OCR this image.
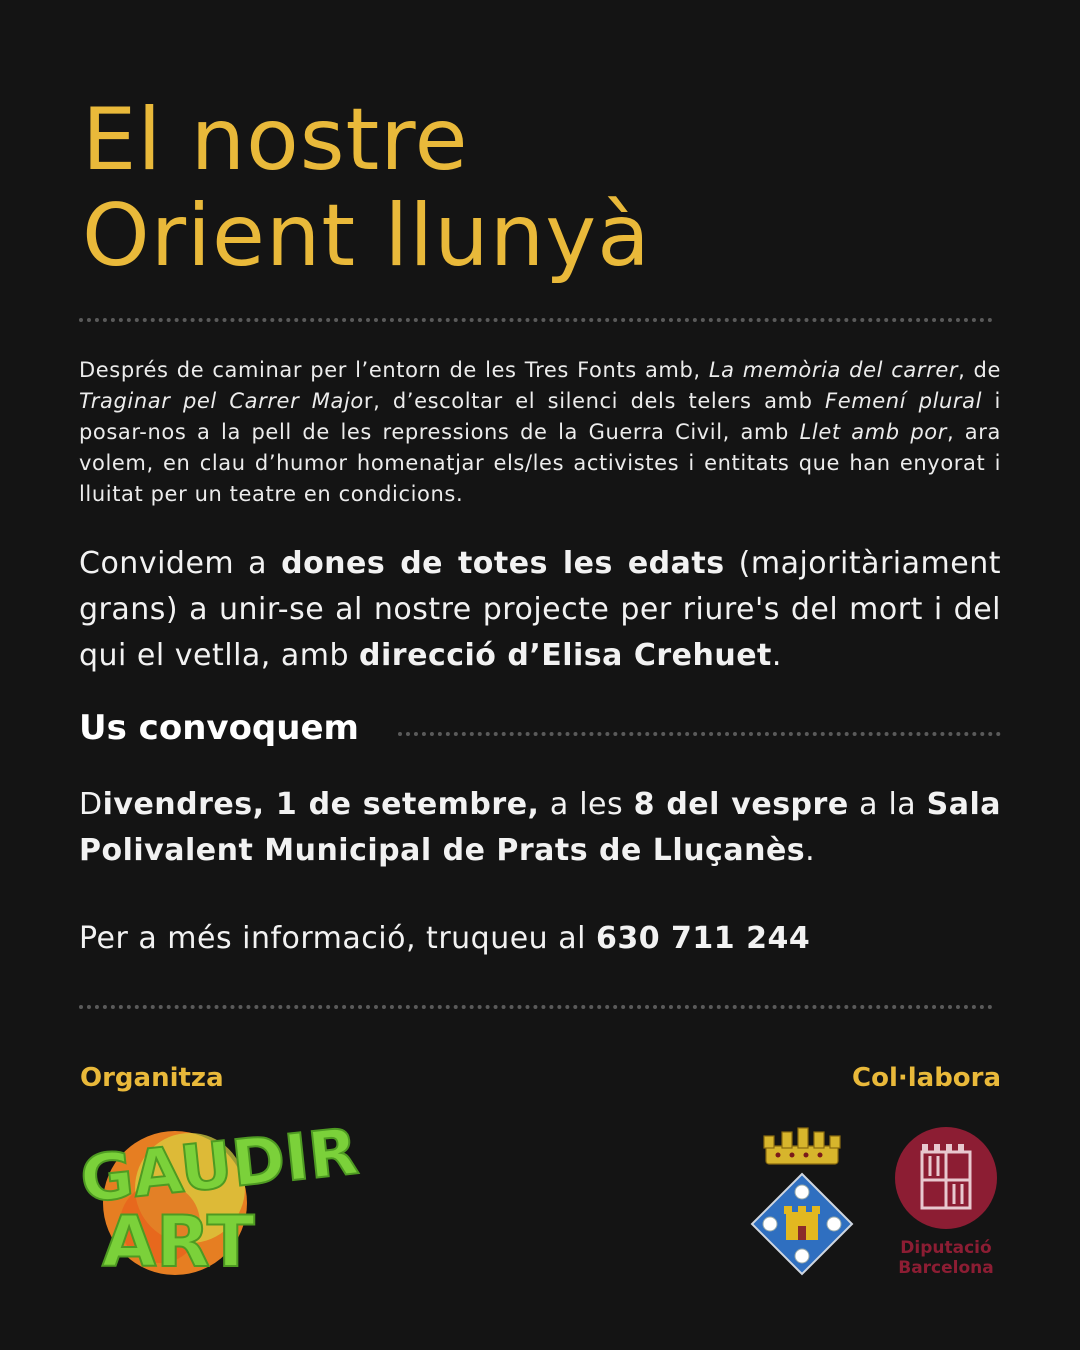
El nostre
Orient llunyà

Després de caminar per l’entorn de les Tres Fonts amb, La memòria del carrer, de Traginar pel Carrer Major, d’escoltar el silenci dels telers amb Femení plural i posar-nos a la pell de les repressions de la Guerra Civil, amb Llet amb por, ara volem, en clau d’humor homenatjar els/les activistes i entitats que han enyorat i lluitat per un teatre en condicions.

Convidem a dones de totes les edats (majoritàriament grans) a unir-se al nostre projecte per riure's del mort i del qui el vetlla, amb direcció d’Elisa Crehuet.

Us convoquem

Divendres, 1 de setembre, a les 8 del vespre a la Sala Polivalent Municipal de Prats de Lluçanès.

Per a més informació, truqueu al 630 711 244

Organitza	Col·labora

GAUDIR
ART	Diputació
Barcelona
